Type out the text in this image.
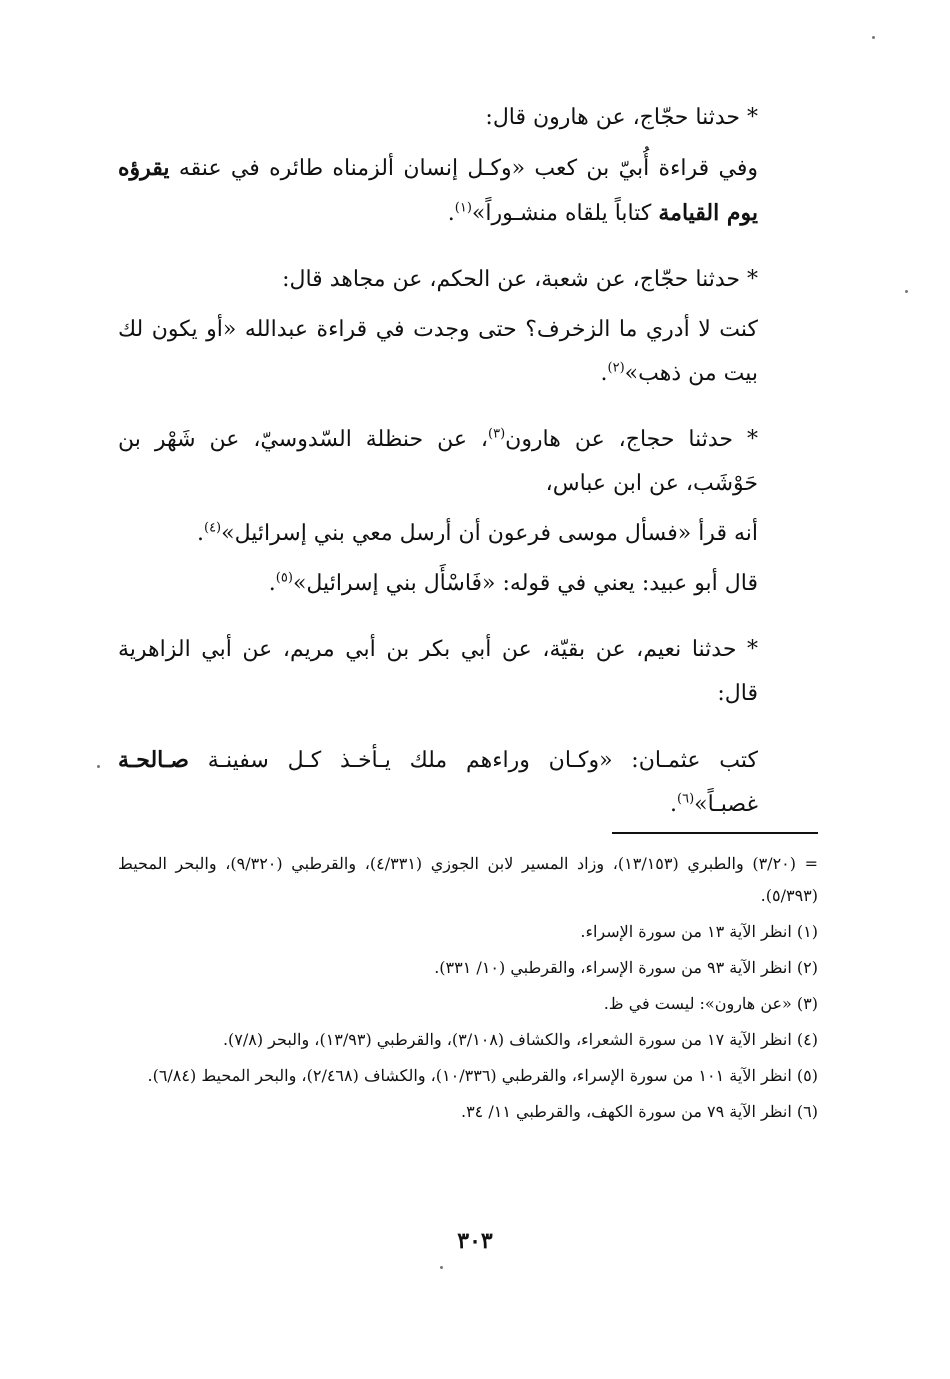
* حدثنا حجّاج، عن هارون قال:

وفي قراءة أُبيّ بن كعب «وكـل إنسان ألزمناه طائره في عنقه يقرؤه يوم القيامة كتاباً يلقاه منشـوراً»$^{(١)}$.

* حدثنا حجّاج، عن شعبة، عن الحكم، عن مجاهد قال:

كنت لا أدري ما الزخرف؟ حتى وجدت في قراءة عبدالله «أو يكون لك بيت من ذهب»$^{(٢)}$.

* حدثنا حجاج، عن هارون$^{(٣)}$، عن حنظلة السّدوسيّ، عن شَهْر بن حَوْشَب، عن ابن عباس،

أنه قرأ «فسأل موسى فرعون أن أرسل معي بني إسرائيل»$^{(٤)}$.

قال أبو عبيد: يعني في قوله: «فَاسْأَل بني إسرائيل»$^{(٥)}$.

* حدثنا نعيم، عن بقيّة، عن أبي بكر بن أبي مريم، عن أبي الزاهرية قال:

كتب عثمـان: «وكـان وراءهم ملك يـأخـذ كـل سفينـة صـالحـة غصبـاً»$^{(٦)}$.

= (٣/٢٠) والطبري (١٣/١٥٣)، وزاد المسير لابن الجوزي (٤/٣٣١)، والقرطبي (٩/٣٢٠)، والبحر المحيط (٥/٣٩٣).

(١) انظر الآية ١٣ من سورة الإسراء.

(٢) انظر الآية ٩٣ من سورة الإسراء، والقرطبي (١٠/ ٣٣١).

(٣) «عن هارون»: ليست في ظ.

(٤) انظر الآية ١٧ من سورة الشعراء، والكشاف (٣/١٠٨)، والقرطبي (١٣/٩٣)، والبحر (٧/٨).

(٥) انظر الآية ١٠١ من سورة الإسراء، والقرطبي (١٠/٣٣٦)، والكشاف (٢/٤٦٨)، والبحر المحيط (٦/٨٤).

(٦) انظر الآية ٧٩ من سورة الكهف، والقرطبي ١١/ ٣٤.

٣٠٣
